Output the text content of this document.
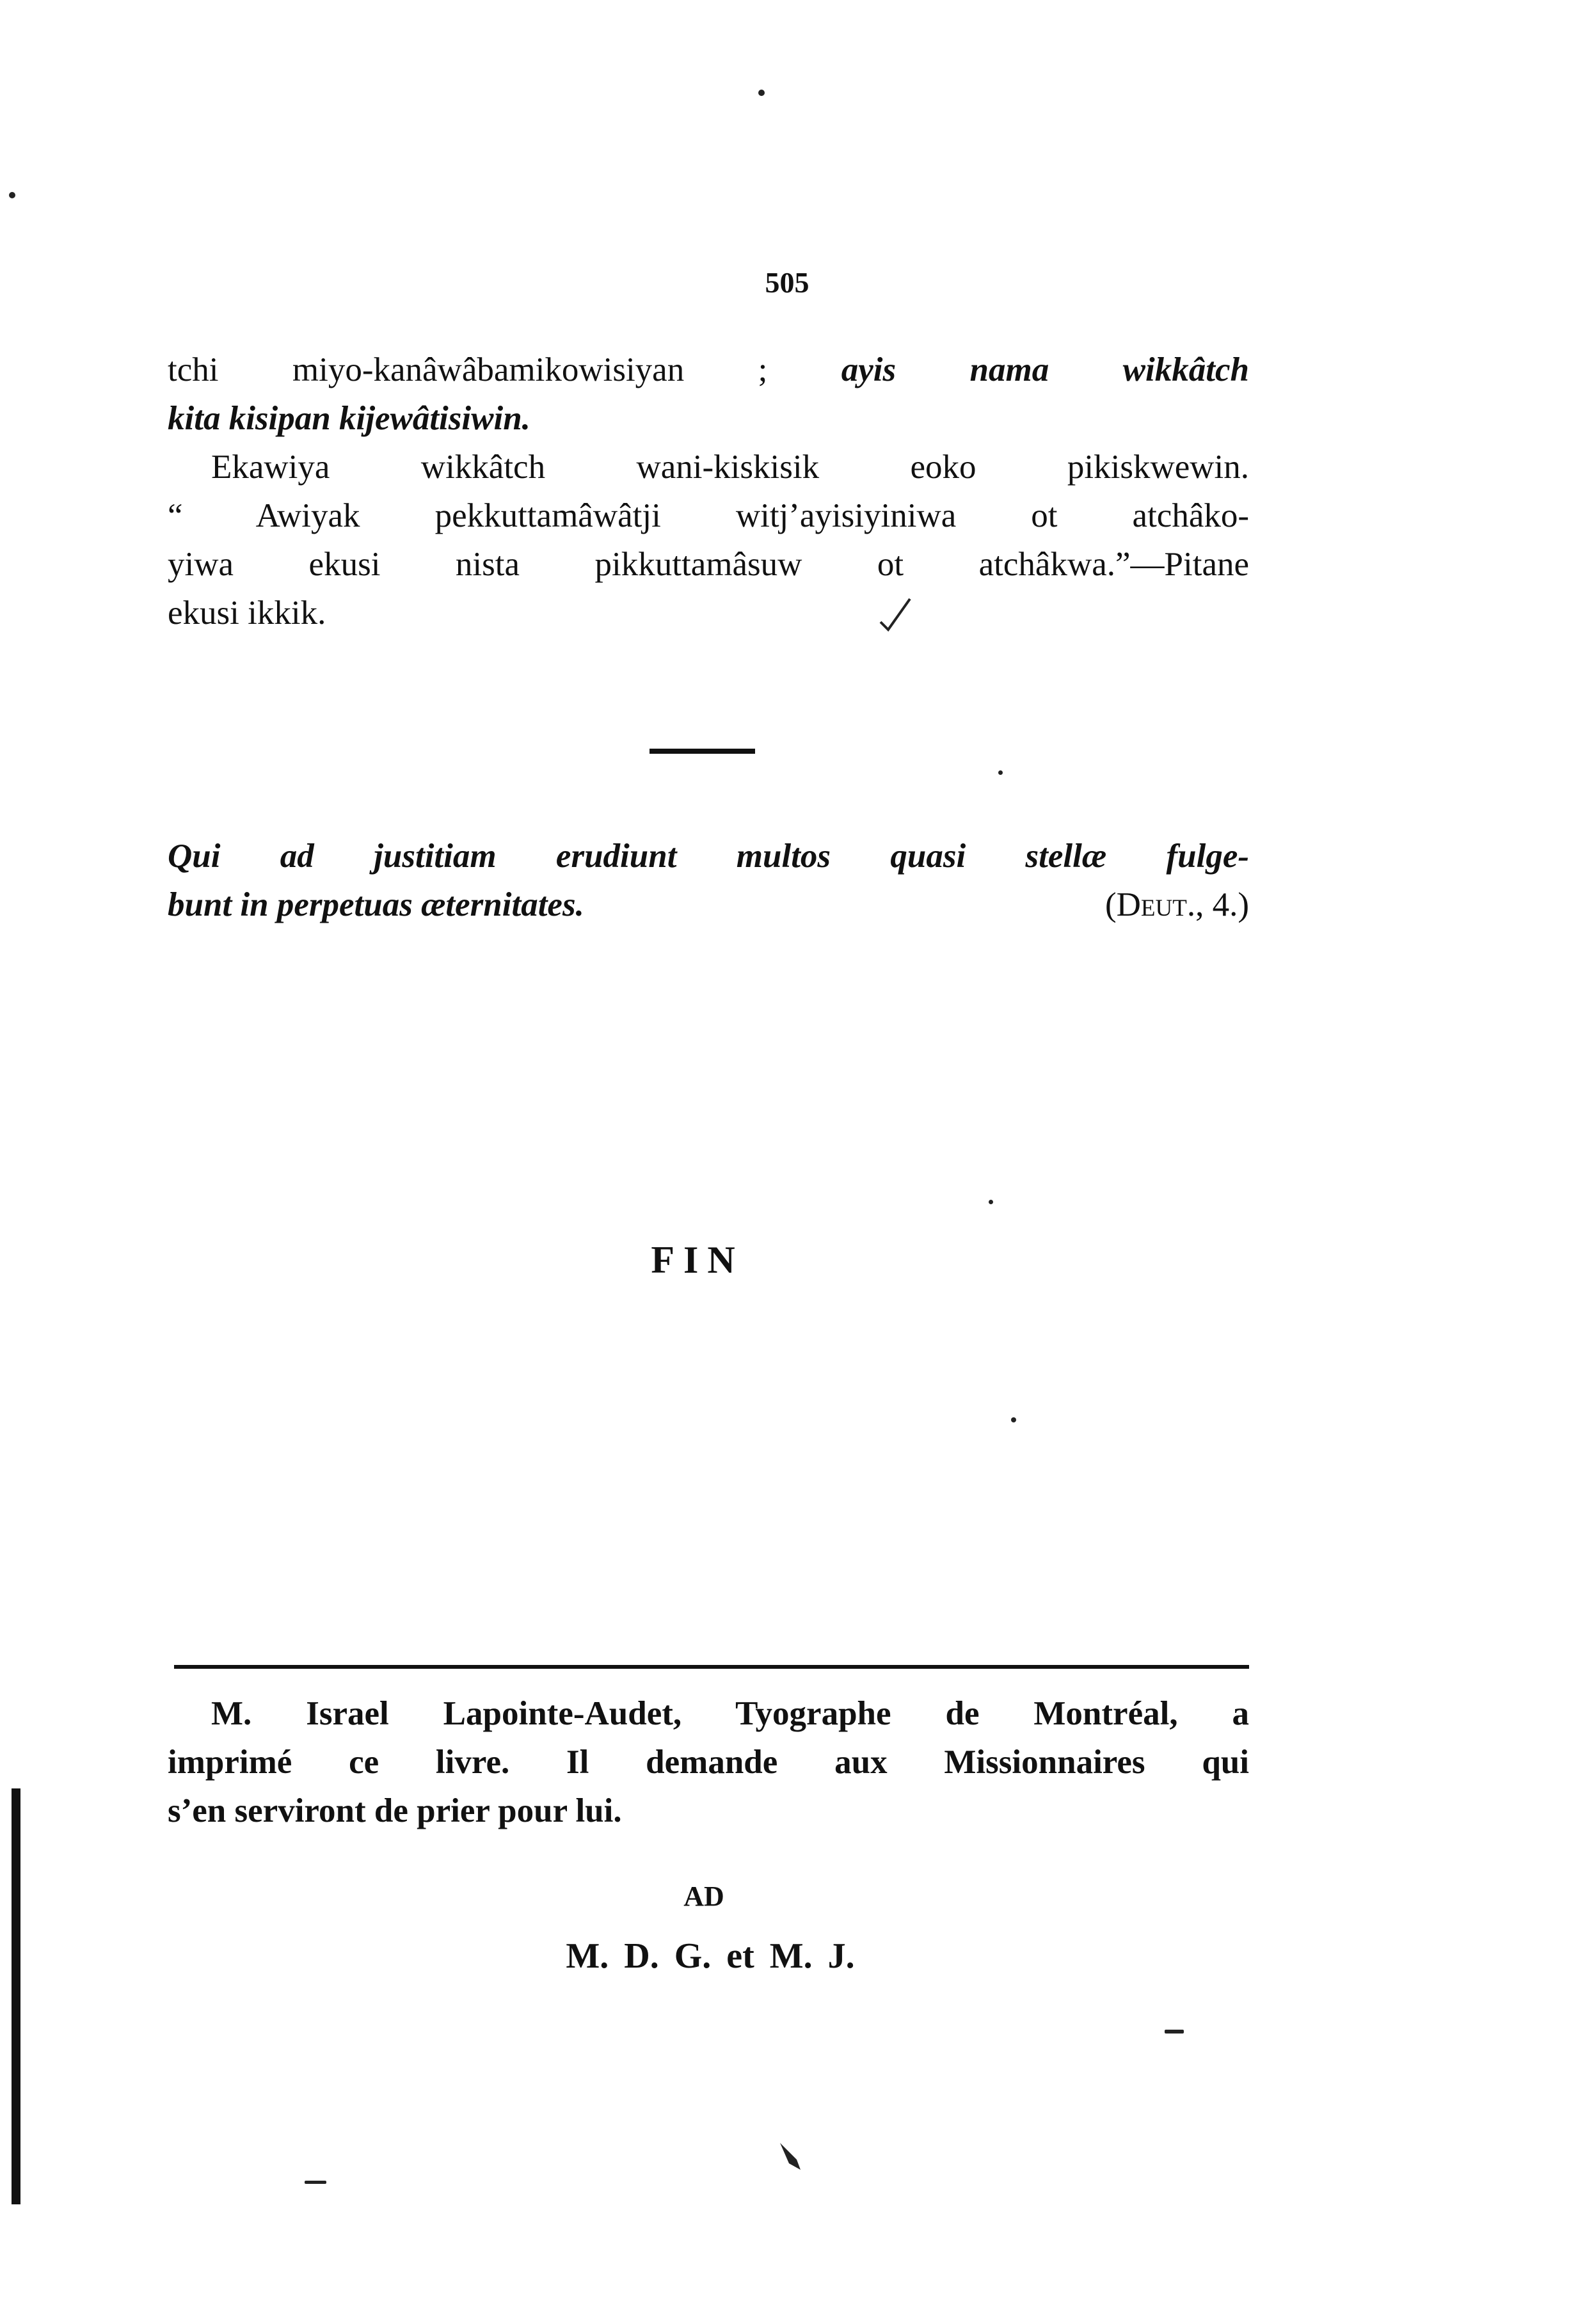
505
tchi miyo-kanâwâbamikowisiyan ; ayis nama wikkâtch
kita kisipan kijewâtisiwin.
Ekawiya wikkâtch wani-kiskisik eoko pikiskwewin.
“ Awiyak pekkuttamâwâtji witj’ayisiyiniwa ot atchâko-
yiwa ekusi nista pikkuttamâsuw ot atchâkwa.”—Pitane
ekusi ikkik.
Qui ad justitiam erudiunt multos quasi stellæ fulge-
bunt in perpetuas æternitates.	(Deut., 4.)
FIN
M. Israel Lapointe-Audet, Tyographe de Montréal, a
imprimé ce livre. Il demande aux Missionnaires qui
s’en serviront de prier pour lui.
AD
M. D. G. et M. J.
